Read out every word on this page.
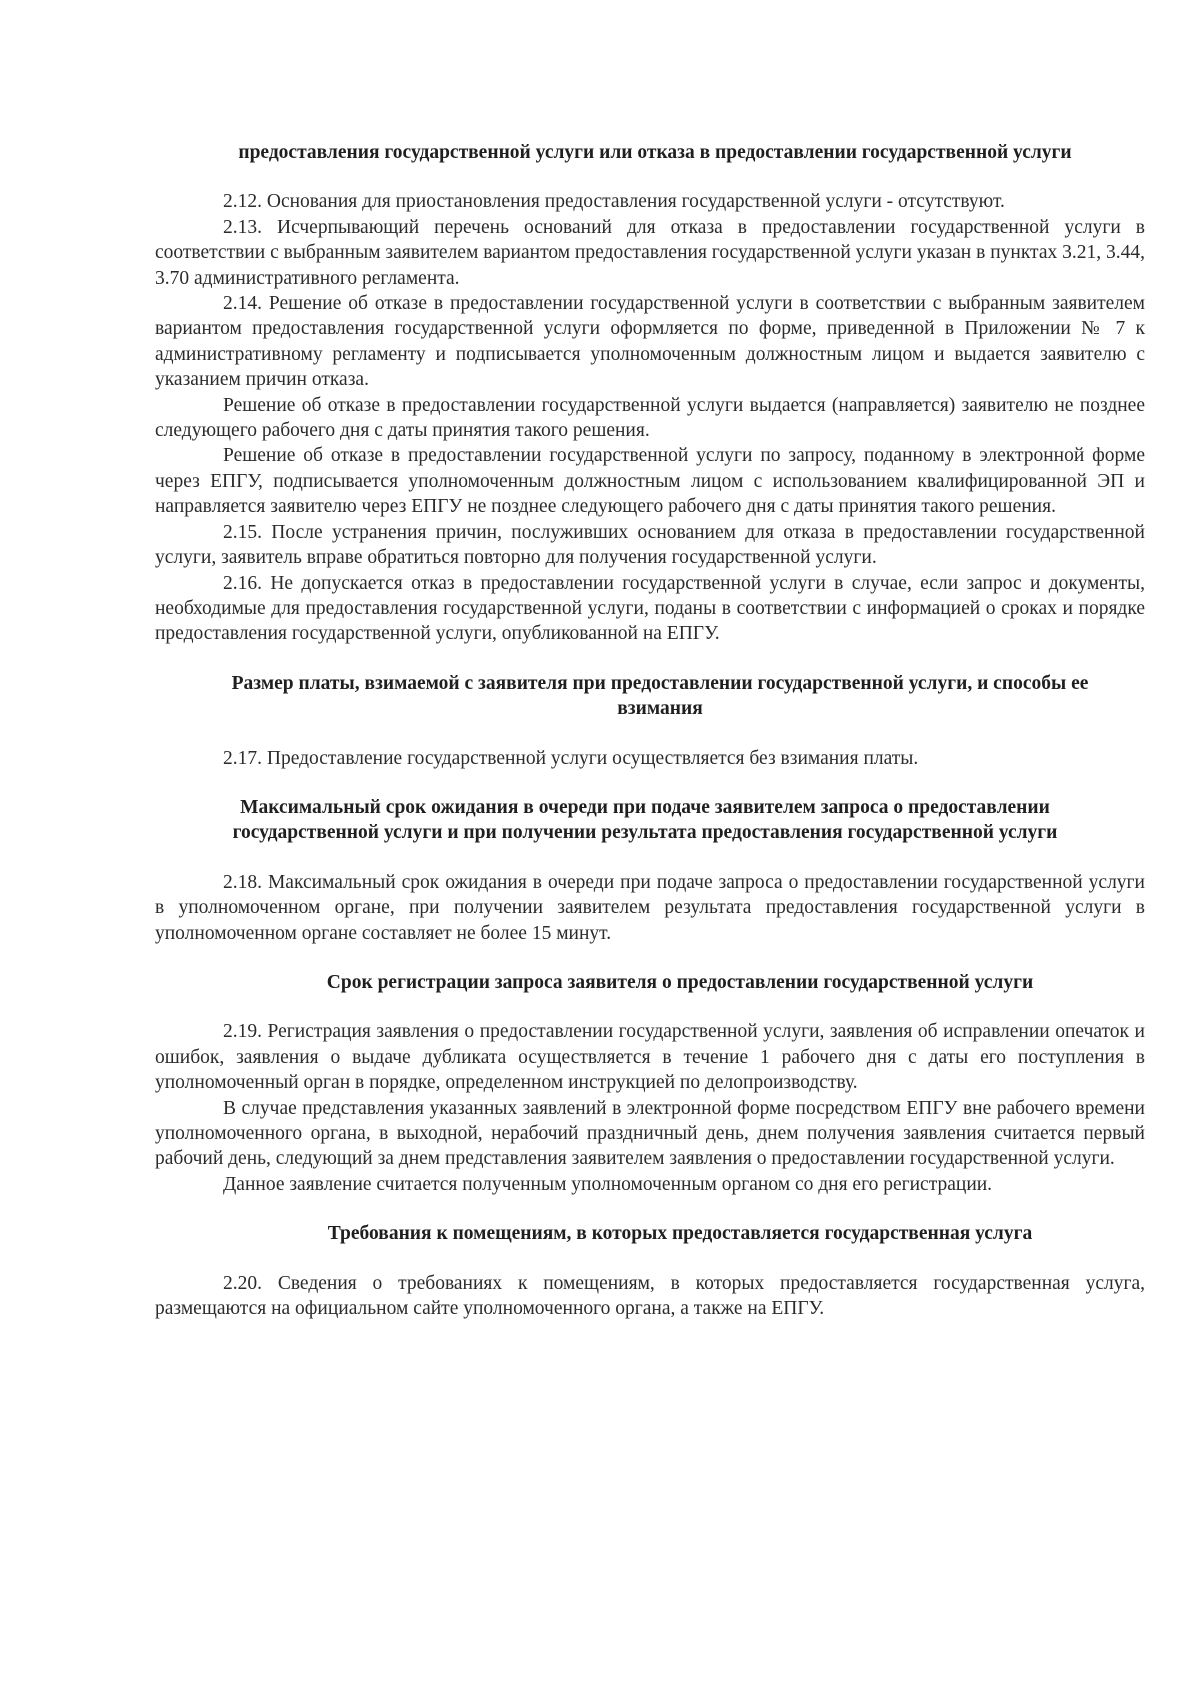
предоставления государственной услуги или отказа в предоставлении государственной услуги

2.12. Основания для приостановления предоставления государственной услуги - отсутствуют.

2.13. Исчерпывающий перечень оснований для отказа в предоставлении государственной услуги в соответствии с выбранным заявителем вариантом предоставления государственной услуги указан в пунктах 3.21, 3.44, 3.70 административного регламента.

2.14. Решение об отказе в предоставлении государственной услуги в соответствии с выбранным заявителем вариантом предоставления государственной услуги оформляется по форме, приведенной в Приложении № 7 к административному регламенту и подписывается уполномоченным должностным лицом и выдается заявителю с указанием причин отказа.

Решение об отказе в предоставлении государственной услуги выдается (направляется) заявителю не позднее следующего рабочего дня с даты принятия такого решения.

Решение об отказе в предоставлении государственной услуги по запросу, поданному в электронной форме через ЕПГУ, подписывается уполномоченным должностным лицом с использованием квалифицированной ЭП и направляется заявителю через ЕПГУ не позднее следующего рабочего дня с даты принятия такого решения.

2.15. После устранения причин, послуживших основанием для отказа в предоставлении государственной услуги, заявитель вправе обратиться повторно для получения государственной услуги.

2.16. Не допускается отказ в предоставлении государственной услуги в случае, если запрос и документы, необходимые для предоставления государственной услуги, поданы в соответствии с информацией о сроках и порядке предоставления государственной услуги, опубликованной на ЕПГУ.

Размер платы, взимаемой с заявителя при предоставлении государственной услуги, и способы ее взимания

2.17. Предоставление государственной услуги осуществляется без взимания платы.

Максимальный срок ожидания в очереди при подаче заявителем запроса о предоставлении государственной услуги и при получении результата предоставления государственной услуги

2.18. Максимальный срок ожидания в очереди при подаче запроса о предоставлении государственной услуги в уполномоченном органе, при получении заявителем результата предоставления государственной услуги в уполномоченном органе составляет не более 15 минут.

Срок регистрации запроса заявителя о предоставлении государственной услуги

2.19. Регистрация заявления о предоставлении государственной услуги, заявления об исправлении опечаток и ошибок, заявления о выдаче дубликата осуществляется в течение 1 рабочего дня с даты его поступления в уполномоченный орган в порядке, определенном инструкцией по делопроизводству.

В случае представления указанных заявлений в электронной форме посредством ЕПГУ вне рабочего времени уполномоченного органа, в выходной, нерабочий праздничный день, днем получения заявления считается первый рабочий день, следующий за днем представления заявителем заявления о предоставлении государственной услуги.

Данное заявление считается полученным уполномоченным органом со дня его регистрации.

Требования к помещениям, в которых предоставляется государственная услуга

2.20. Сведения о требованиях к помещениям, в которых предоставляется государственная услуга, размещаются на официальном сайте уполномоченного органа, а также на ЕПГУ.
